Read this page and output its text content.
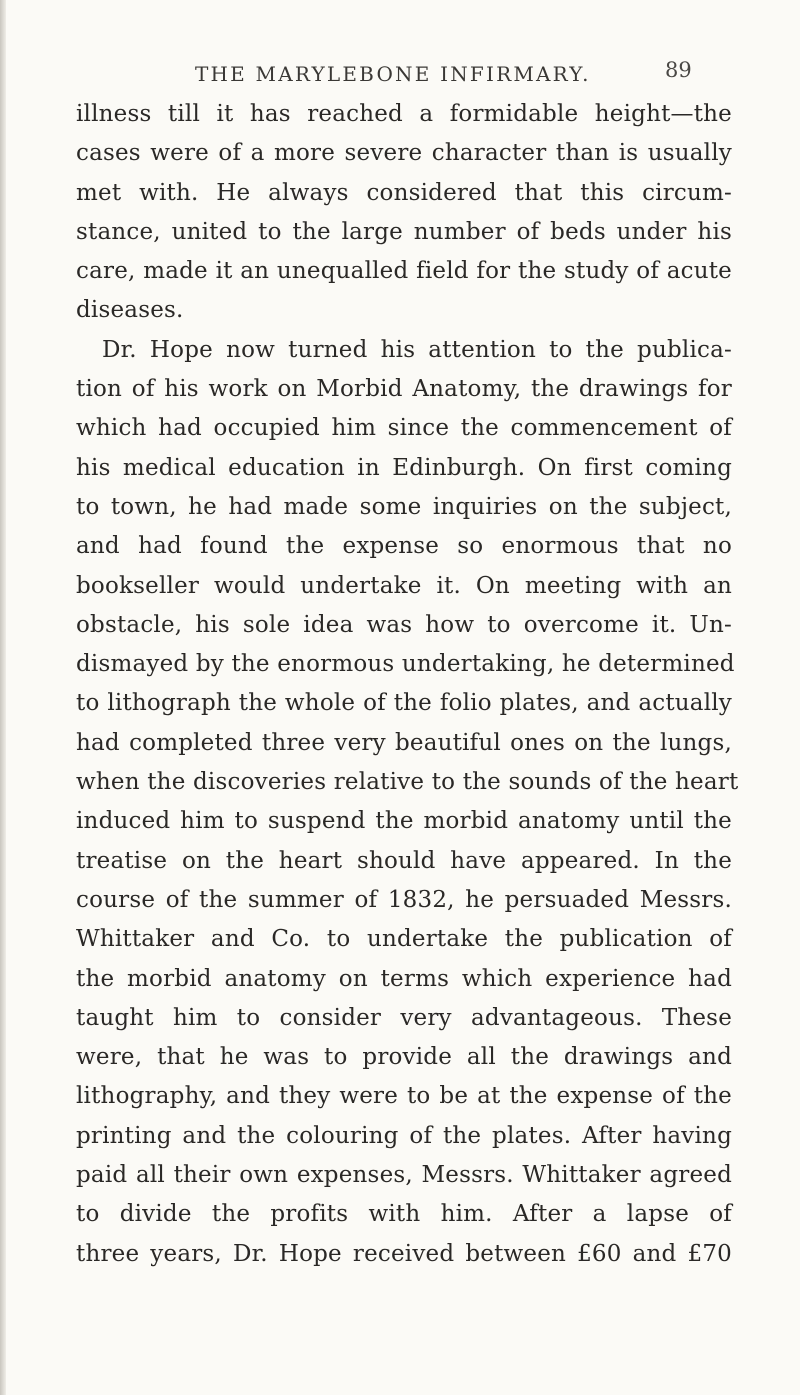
THE MARYLEBONE INFIRMARY.	89
illness till it has reached a formidable height—the
cases were of a more severe character than is usually
met with. He always considered that this circum-
stance, united to the large number of beds under his
care, made it an unequalled field for the study of acute
diseases.
Dr. Hope now turned his attention to the publica-
tion of his work on Morbid Anatomy, the drawings for
which had occupied him since the commencement of
his medical education in Edinburgh. On first coming
to town, he had made some inquiries on the subject,
and had found the expense so enormous that no
bookseller would undertake it. On meeting with an
obstacle, his sole idea was how to overcome it. Un-
dismayed by the enormous undertaking, he determined
to lithograph the whole of the folio plates, and actually
had completed three very beautiful ones on the lungs,
when the discoveries relative to the sounds of the heart
induced him to suspend the morbid anatomy until the
treatise on the heart should have appeared. In the
course of the summer of 1832, he persuaded Messrs.
Whittaker and Co. to undertake the publication of
the morbid anatomy on terms which experience had
taught him to consider very advantageous. These
were, that he was to provide all the drawings and
lithography, and they were to be at the expense of the
printing and the colouring of the plates. After having
paid all their own expenses, Messrs. Whittaker agreed
to divide the profits with him. After a lapse of
three years, Dr. Hope received between £60 and £70
